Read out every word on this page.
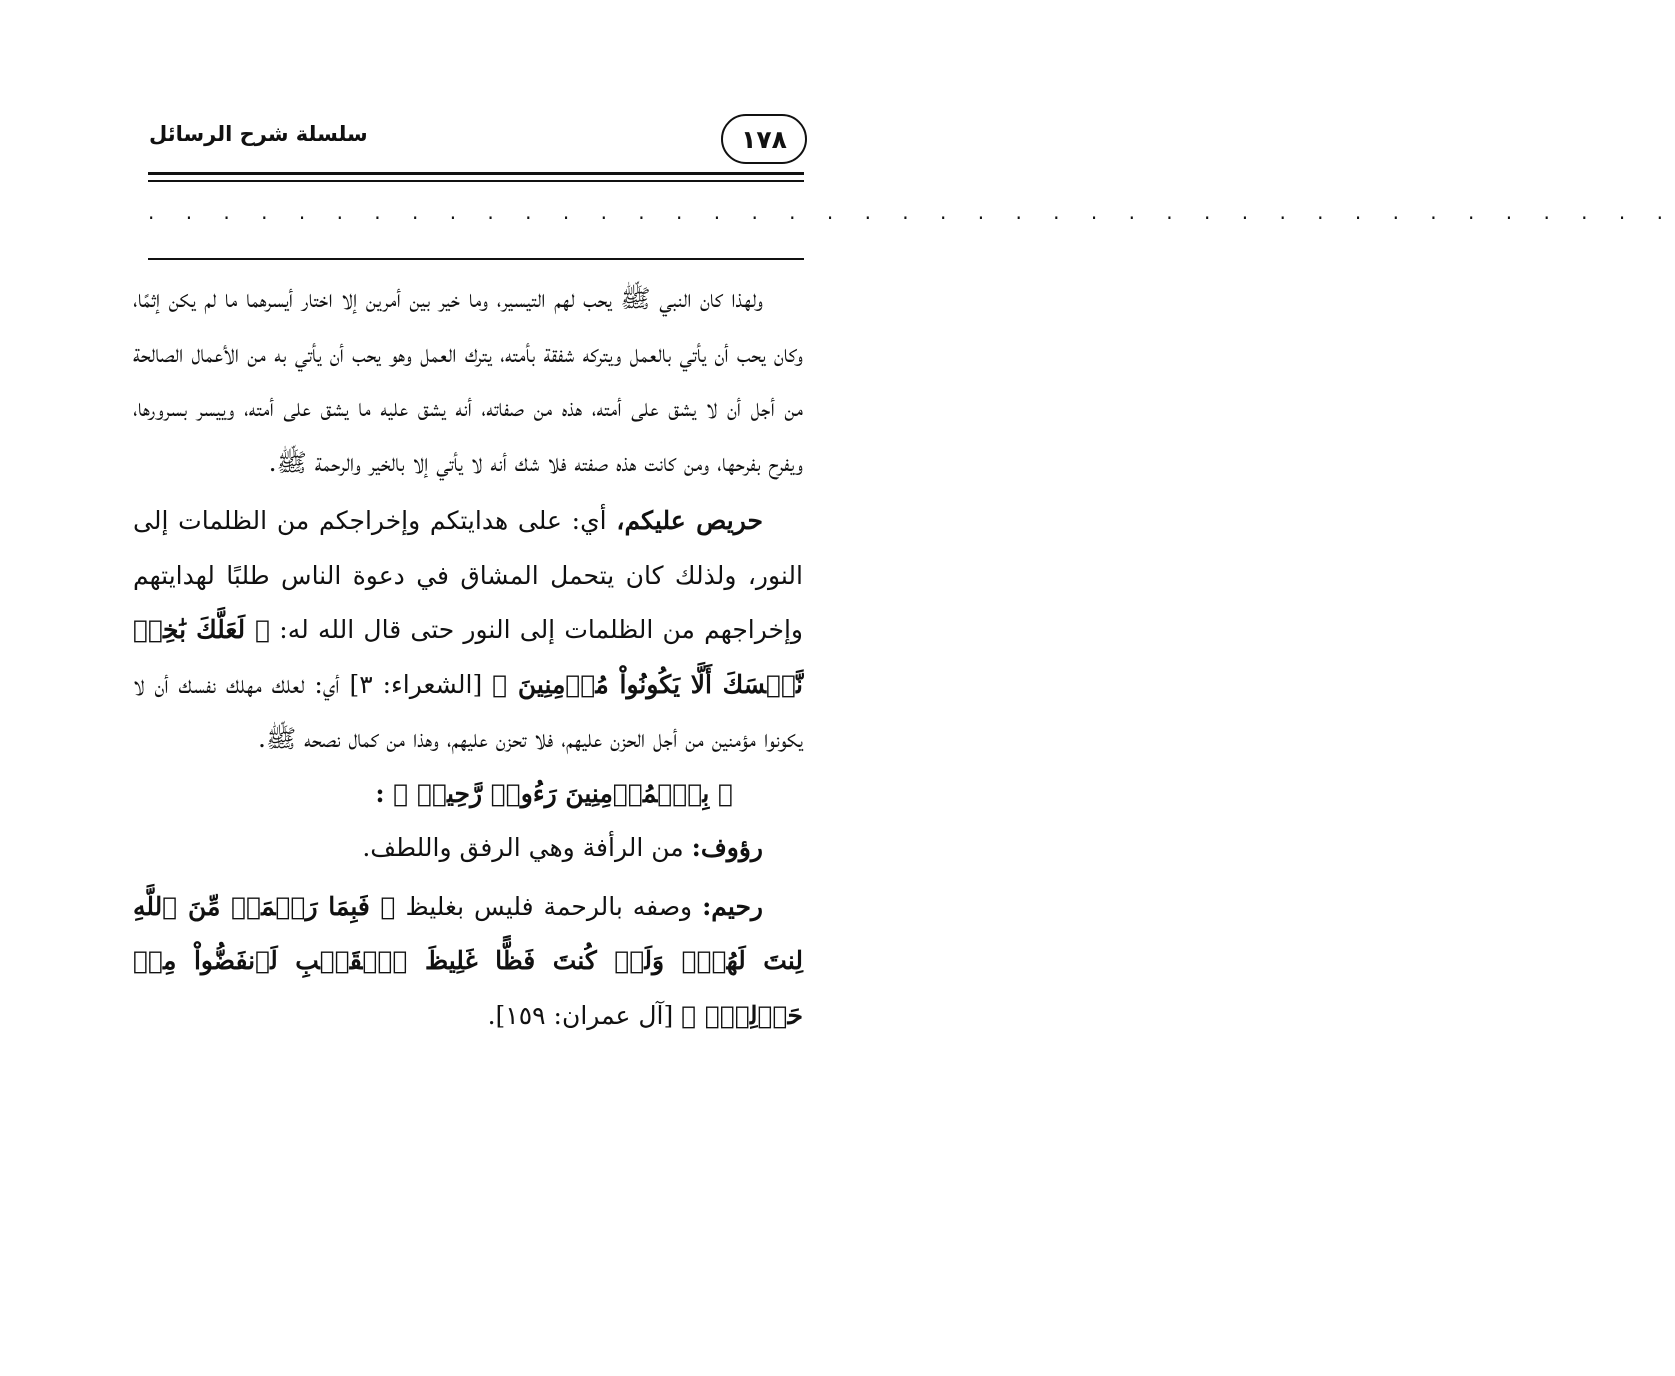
سلسلة شرح الرسائل	١٧٨
. . . . . . . . . . . . . . . . . . . . . . . . . . . . . . . . . . . . . . . . .

ولهذا كان النبي ﷺ يحب لهم التيسير، وما خير بين أمرين إلا اختار أيسرهما ما لم يكن إثمًا، وكان يحب أن يأتي بالعمل ويتركه شفقة بأمته، يترك العمل وهو يحب أن يأتي به من الأعمال الصالحة من أجل أن لا يشق على أمته، هذه من صفاته، أنه يشق عليه ما يشق على أمته، وييسر بسرورها، ويفرح بفرحها، ومن كانت هذه صفته فلا شك أنه لا يأتي إلا بالخير والرحمة ﷺ.

حريص عليكم، أي: على هدايتكم وإخراجكم من الظلمات إلى النور، ولذلك كان يتحمل المشاق في دعوة الناس طلبًا لهدايتهم وإخراجهم من الظلمات إلى النور حتى قال الله له: ﴿ لَعَلَّكَ بَٰخِعٞ نَّفۡسَكَ أَلَّا يَكُونُواْ مُؤۡمِنِينَ ﴾ [الشعراء: ٣] أي: لعلك مهلك نفسك أن لا يكونوا مؤمنين من أجل الحزن عليهم، فلا تحزن عليهم، وهذا من كمال نصحه ﷺ.

﴿ بِٱلۡمُؤۡمِنِينَ رَءُوفٞ رَّحِيمٞ ﴾ :

رؤوف: من الرأفة وهي الرفق واللطف.

رحيم: وصفه بالرحمة فليس بغليظ ﴿ فَبِمَا رَحۡمَةٖ مِّنَ ٱللَّهِ لِنتَ لَهُمۡۖ وَلَوۡ كُنتَ فَظًّا غَلِيظَ ٱلۡقَلۡبِ لَٱنفَضُّواْ مِنۡ حَوۡلِكَۖ ﴾ [آل عمران: ١٥٩].
